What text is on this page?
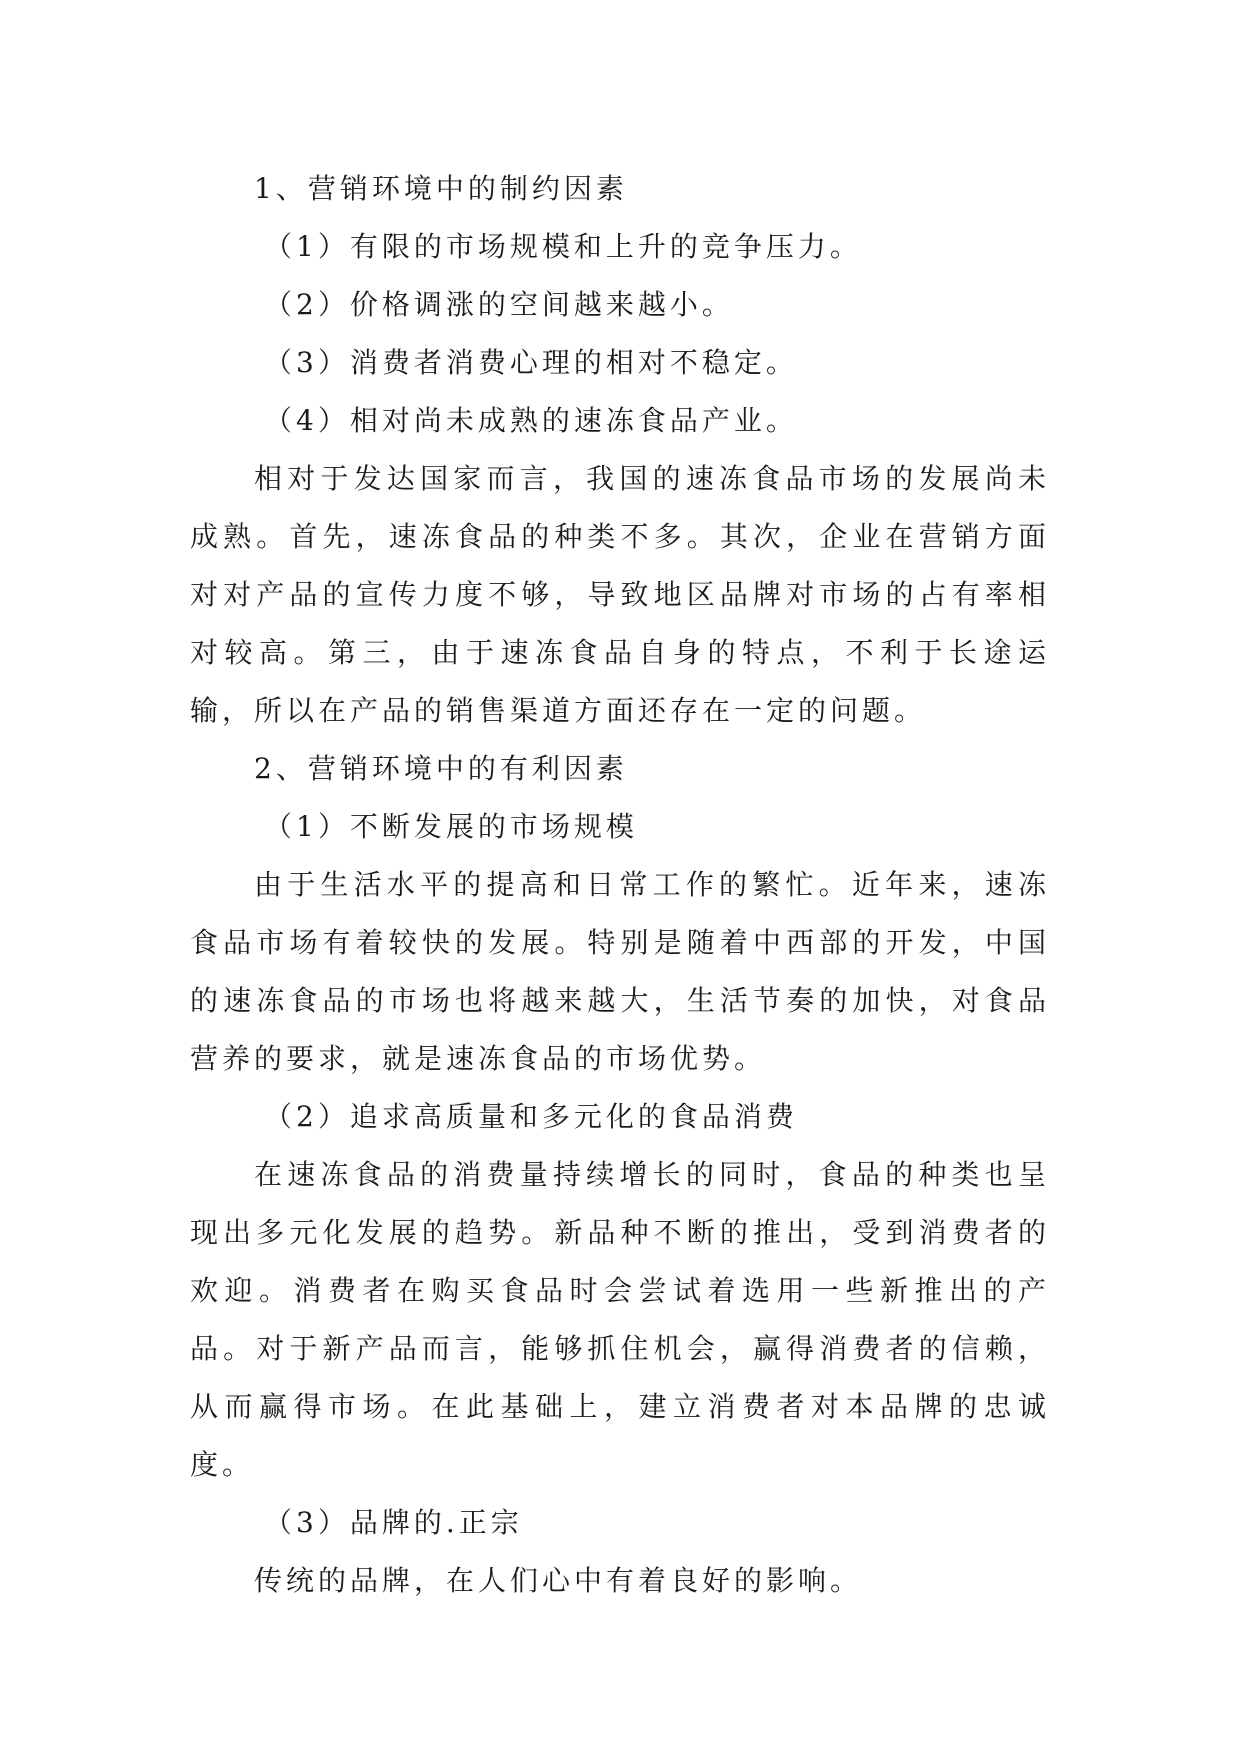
1、营销环境中的制约因素

（1）有限的市场规模和上升的竞争压力。

（2）价格调涨的空间越来越小。

（3）消费者消费心理的相对不稳定。

（4）相对尚未成熟的速冻食品产业。

相对于发达国家而言，我国的速冻食品市场的发展尚未成熟。首先，速冻食品的种类不多。其次，企业在营销方面对对产品的宣传力度不够，导致地区品牌对市场的占有率相对较高。第三，由于速冻食品自身的特点，不利于长途运输，所以在产品的销售渠道方面还存在一定的问题。

2、营销环境中的有利因素

（1）不断发展的市场规模

由于生活水平的提高和日常工作的繁忙。近年来，速冻食品市场有着较快的发展。特别是随着中西部的开发，中国的速冻食品的市场也将越来越大，生活节奏的加快，对食品营养的要求，就是速冻食品的市场优势。

（2）追求高质量和多元化的食品消费

在速冻食品的消费量持续增长的同时，食品的种类也呈现出多元化发展的趋势。新品种不断的推出，受到消费者的欢迎。消费者在购买食品时会尝试着选用一些新推出的产品。对于新产品而言，能够抓住机会，赢得消费者的信赖，从而赢得市场。在此基础上，建立消费者对本品牌的忠诚度。

（3）品牌的.正宗

传统的品牌，在人们心中有着良好的影响。
